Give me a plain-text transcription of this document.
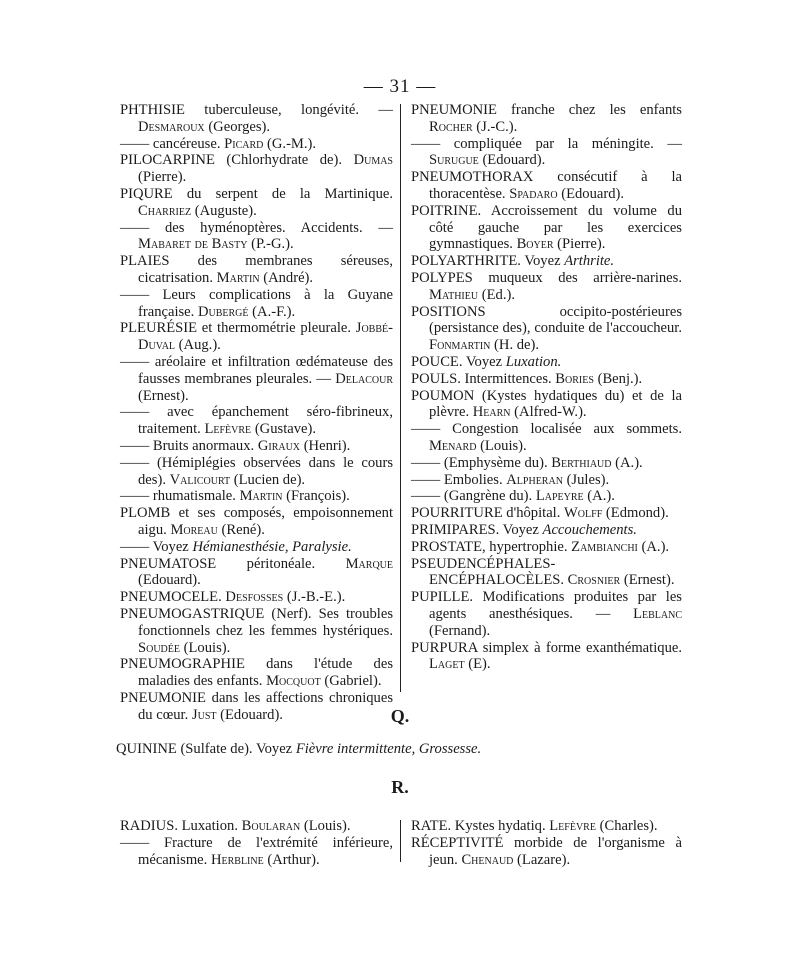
— 31 —

PHTHISIE tuberculeuse, longévité. — Desmaroux (Georges).

—— cancéreuse. Picard (G.-M.).

PILOCARPINE (Chlorhydrate de). Dumas (Pierre).

PIQURE du serpent de la Martinique. Charriez (Auguste).

—— des hyménoptères. Accidents. — Mabaret de Basty (P.-G.).

PLAIES des membranes séreuses, cicatrisation. Martin (André).

—— Leurs complications à la Guyane française. Dubergé (A.-F.).

PLEURÉSIE et thermométrie pleurale. Jobbé-Duval (Aug.).

—— aréolaire et infiltration œdémateuse des fausses membranes pleurales. — Delacour (Ernest).

—— avec épanchement séro-fibrineux, traitement. Lefèvre (Gustave).

—— Bruits anormaux. Giraux (Henri).

—— (Hémiplégies observées dans le cours des). Valicourt (Lucien de).

—— rhumatismale. Martin (François).

PLOMB et ses composés, empoisonnement aigu. Moreau (René).

—— Voyez Hémianesthésie, Paralysie.

PNEUMATOSE péritonéale. Marque (Edouard).

PNEUMOCELE. Desfosses (J.-B.-E.).

PNEUMOGASTRIQUE (Nerf). Ses troubles fonctionnels chez les femmes hystériques. Soudée (Louis).

PNEUMOGRAPHIE dans l'étude des maladies des enfants. Mocquot (Gabriel).

PNEUMONIE dans les affections chroniques du cœur. Just (Edouard).

PNEUMONIE franche chez les enfants Rocher (J.-C.).

—— compliquée par la méningite. — Surugue (Edouard).

PNEUMOTHORAX consécutif à la thoracentèse. Spadaro (Edouard).

POITRINE. Accroissement du volume du côté gauche par les exercices gymnastiques. Boyer (Pierre).

POLYARTHRITE. Voyez Arthrite.

POLYPES muqueux des arrière-narines. Mathieu (Ed.).

POSITIONS occipito-postérieures (persistance des), conduite de l'accoucheur. Fonmartin (H. de).

POUCE. Voyez Luxation.

POULS. Intermittences. Bories (Benj.).

POUMON (Kystes hydatiques du) et de la plèvre. Hearn (Alfred-W.).

—— Congestion localisée aux sommets. Menard (Louis).

—— (Emphysème du). Berthiaud (A.).

—— Embolies. Alpheran (Jules).

—— (Gangrène du). Lapeyre (A.).

POURRITURE d'hôpital. Wolff (Edmond).

PRIMIPARES. Voyez Accouchements.

PROSTATE, hypertrophie. Zambianchi (A.).

PSEUDENCÉPHALES-ENCÉPHALOCÈLES. Crosnier (Ernest).

PUPILLE. Modifications produites par les agents anesthésiques. — Leblanc (Fernand).

PURPURA simplex à forme exanthématique. Laget (E).

Q.
QUININE (Sulfate de). Voyez Fièvre intermittente, Grossesse.
R.

RADIUS. Luxation. Boularan (Louis).

—— Fracture de l'extrémité inférieure, mécanisme. Herbline (Arthur).

RATE. Kystes hydatiq. Lefèvre (Charles).

RÉCEPTIVITÉ morbide de l'organisme à jeun. Chenaud (Lazare).
